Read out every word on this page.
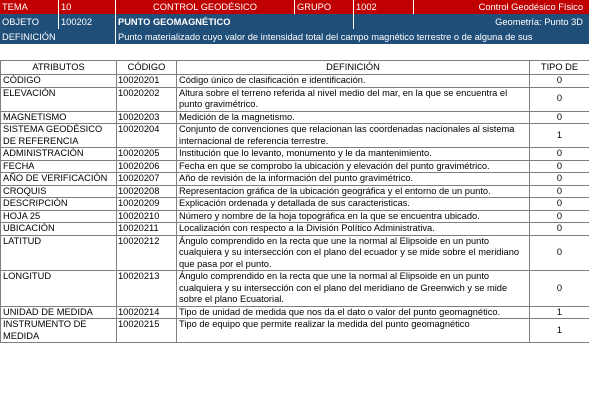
TEMA	10	CONTROL GEODÉSICO	GRUPO	1002	Control Geodésico Físico
OBJETO	100202	PUNTO GEOMAGNÉTICO	Geometría: Punto 3D
DEFINICIÓN	Punto materializado cuyo valor de intensidad total del campo magnético terrestre o de alguna de sus
ATRIBUTOS	CÓDIGO	DEFINICIÓN	TIPO DE
CÓDIGO	10020201	Código único de clasificación e identificación.	0
ELEVACIÓN	10020202	Altura sobre el terreno referida al nivel medio del mar, en la que se encuentra el punto gravimétrico.	0
MAGNETISMO	10020203	Medición de la magnetismo.	0
SISTEMA GEODÉSICO DE REFERENCIA	10020204	Conjunto de convenciones que relacionan las coordenadas nacionales al sistema internacional de referencia terrestre.	1
ADMINISTRACIÓN	10020205	Institución que lo levanto, monumento y le da mantenimiento.	0
FECHA	10020206	Fecha en que se comprobo la ubicación y elevación del punto gravimétrico.	0
AÑO DE VERIFICACIÓN	10020207	Año de revisión de la información del punto gravimétrico.	0
CROQUIS	10020208	Representacion gráfica de la ubicación geográfica y el entorno de un punto.	0
DESCRIPCIÓN	10020209	Explicación ordenada y detallada de sus caracteristicas.	0
HOJA 25	10020210	Número y nombre de la hoja topográfica en la que se encuentra ubicado.	0
UBICACIÓN	10020211	Localización con respecto a la División Político Administrativa.	0
LATITUD	10020212	Ángulo comprendido en la recta que une la normal al Elipsoide en un punto cualquiera y su intersección con el plano del ecuador y se mide sobre el meridiano que pasa por el punto.	0
LONGITUD	10020213	Ángulo comprendido en la recta que une la normal al Elipsoide en un punto cualquiera y su intersección con el plano del meridiano de Greenwich y se mide sobre el plano Ecuatorial.	0
UNIDAD DE MEDIDA	10020214	Tipo de unidad de medida que nos da el dato o valor del punto geomagnético.	1
INSTRUMENTO DE MEDIDA	10020215	Tipo de equipo que permite realizar la medida del punto geomagnético	1
